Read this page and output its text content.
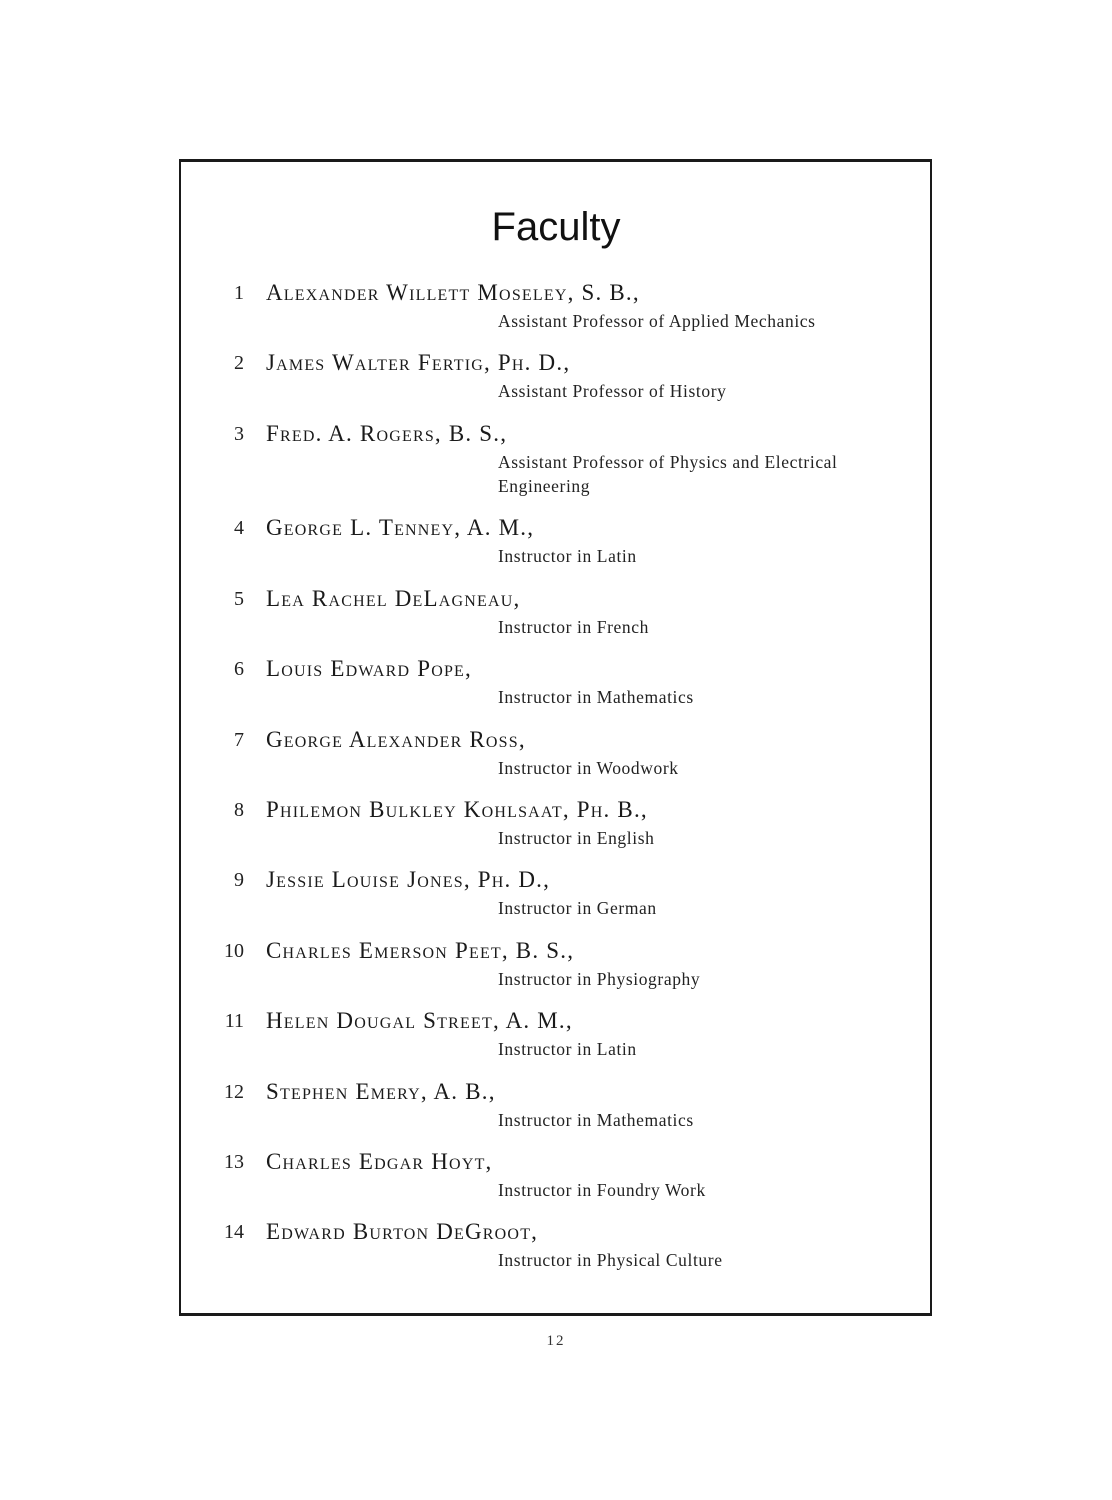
Faculty
1 Alexander Willett Moseley, S. B.,
Assistant Professor of Applied Mechanics
2 James Walter Fertig, Ph. D.,
Assistant Professor of History
3 Fred. A. Rogers, B. S.,
Assistant Professor of Physics and Electrical Engineering
4 George L. Tenney, A. M.,
Instructor in Latin
5 Lea Rachel DeLagneau,
Instructor in French
6 Louis Edward Pope,
Instructor in Mathematics
7 George Alexander Ross,
Instructor in Woodwork
8 Philemon Bulkley Kohlsaat, Ph. B.,
Instructor in English
9 Jessie Louise Jones, Ph. D.,
Instructor in German
10 Charles Emerson Peet, B. S.,
Instructor in Physiography
11 Helen Dougal Street, A. M.,
Instructor in Latin
12 Stephen Emery, A. B.,
Instructor in Mathematics
13 Charles Edgar Hoyt,
Instructor in Foundry Work
14 Edward Burton DeGroot,
Instructor in Physical Culture
12
